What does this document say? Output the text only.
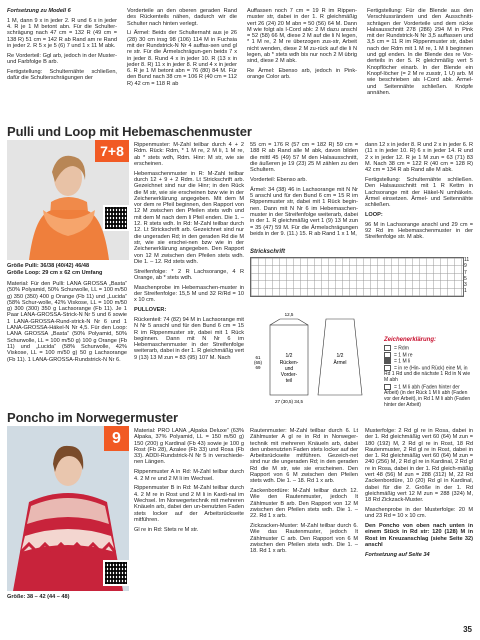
Fortsetzung zu Modell 6

1 M, dann 9 x in jeder 2. R und 6 x in jeder 4. R je 1 M betont abn. Für die Schulter-schrägung nach 47 cm = 132 R (49 cm = 138 R) 51 cm = 142 R ab Rand am re Rand in jeder 2. R 5 x je 5 (6) 7 und 1 x 11 M abk.

Re Vorderteil: Ggl arb, jedoch in der Muster- und Farbfolge B arb.

Fertigstellung: Schulternähte schließen, dafür die Schulterschrägungen der

Vorderteile an den oberen geraden Rand des Rückenteils nähen, dadurch wir die Schulter nach hinten verlegt.

Li Ärmel: Beids der Schulternaht aus je 26 (28) 30 cm insg 98 (106) 114 M in Fuchsia mit der Rundstrick-N Nr 4 auffas-sen und gl re str. Für die Ärmelschrägun-gen beids 7 x in jeder 8. Rund 4 x in jeder 10. R (13 x in jeder 8. R) 11 x in jeder 8. R und 4 x in jeder 6. R je 1 M betont abn = 76 (80) 84 M. Für den Bund nach 38 cm = 106 R (40 cm = 112 R) 42 cm = 118 R ab

Auffassen noch 7 cm = 19 R im Rippen-muster str, dabei in der 1. R gleichmäßig vert 26 (24) 20 M abn = 50 (56) 64 M. Dann M wie folgt als I-Cord abk: 2 M dazu anschl = 52 (58) 66 M, diese 2 M auf die li N legen, * 1 M re, 2 M re überzogen zus-str, Arbeit nicht wenden, diese 2 M zu-rück auf die li N legen, ab * stets wdh bis nur noch 2 M übrig sind, diese 2 M abk.

Re Ärmel: Ebenso arb, jedoch in Pink-orange Color arb.

Fertigstellung: Für die Blende aus den Verschlussrändern und den Ausschnitt-schrägen der Vorderteile und dem rücke Halsausschnitt 278 (286) 294 M in Pink mit der Rundstrick-N Nr 3,5 auffassen und 3,5 cm = 11 R im Rippenmuster str, dabei nach der Rdm mit 1 M re, 1 M li beginnen und ggl enden. In die Blende des re Vor-derteils in der 5. R gleichmäßig vert 5 Knopflöcher einarb. In der Blende ein Knopf-löcher (= 2 M re zusstr, 1 U) arb. M wie beschrieben als I-Cord abk. Ärmel- und Seitennähte schließen. Knöpfe annähen.

Pulli und Loop mit Hebemaschenmuster
7+8
Größe Pulli: 36/38 (40/42) 46/48
Größe Loop: 29 cm x 62 cm Umfang

Material: Für den Pulli: LANA GROSSA „Basta“ (50% Polyamid, 50% Schurwolle, LL = 100 m/50 g) 350 (350) 400 g Orange (Fb 11) und „Lucida“ (58% Schur-wolle, 42% Viskose, LL = 100 m/50 g) 300 (300) 350 g Lachsorange (Fb 11). Je 1 Paar LANA-GROSSA-Strick-N Nr 5 und 6 sowie 1 LANA-GROSSA-Rund-strick-N Nr 6 und 1 LANA-GROSSA-Häkel-N Nr 4,5. Für den Loop: LANA GROSSA „Basta“ (50% Polyamid, 50% Schurwolle, LL = 100 m/50 g) 100 g Orange (Fb 11) und „Lucida“ (58% Schurwolle, 42% Viskose, LL = 100 m/50 g) 50 g Lachsorange (Fb 11). 1 LANA-GROSSA-Rundstrick-N Nr 6.

Rippenmuster: M-Zahl teilbar durch 4 + 2 Rdm. Rück: Rdm, * 1 M re, 2 M li, 1 M re, ab * stets wdh, Rdm. Hinr: M str, wie sie erscheinen.

Hebemaschenmuster in R: M-Zahl teilbar durch 12 + 9 + 2 Rdm. Lt Strickschrift arb. Gezeichnet sind nur die Hinr; in den Rück die M str, wie sie erscheinen bzw wie in der Zeichenerklärung angegeben. Mit dem M vor dem re Pfeil beginnen, den Rapport von 12 M zwischen den Pfeilen stets wdh und mit dem M nach dem li Pfeil enden. Die 1. – 12. R stets wdh. In Rd: M-Zahl teilbar durch 12. Lt Strickschrift arb. Gezeichnet sind nur die ungeraden Rd; in den geraden Rd die M str, wie sie erschei-nen bzw wie in der Zeichenerklärung angegeben. Den Rapport von 12 M zwischen den Pfeilen stets wdh. Die 1. – 12. Rd stets wdh.

Streifenfolge: * 2 R Lachsorange, 4 R Orange, ab * stets wdh.

Maschenprobe im Hebemaschen-muster in der Streifenfolge: 15,5 M und 32 R/Rd = 10 x 10 cm.

PULLOVER:

Rückenteil: 74 (82) 94 M in Lachsorange mit N Nr 5 anschl und für den Bund 6 cm = 15 R im Rippenmuster str, dabei mit 1 Rück beginnen. Dann mit N Nr 6 im Hebemaschenmuster in der Streifenfolge weiterarb, dabei in der 1. R gleichmäßig vert 9 (13) 13 M zun = 83 (95) 107 M. Nach

55 cm = 176 R (57 cm = 182 R) 59 cm = 188 R ab Rand alle M abk, davon bilden die mittl 45 (49) 57 M den Halsausschnitt, die äußeren je 19 (23) 25 M zählen zu den Schultern.

Vorderteil: Ebenso arb.

Ärmel: 34 (38) 46 in Lachsorange mit N Nr 5 anschl und für den Bund 6 cm = 15 R im Rippenmuster str, dabei mit 1 Rück begin-nen. Dann mit N Nr 6 im Hebemaschen-muster in der Streifenfolge weiterarb, dabei in der 1. R gleichmäßig vert 1 (9) 13 M zun = 35 (47) 59 M. Für die Ärmelschrägungen beids in der 9. (11.) 15. R ab Rand 1 x 1 M,

dann 12 x in jeder 8. R und 2 x in jeder 6. R (11 x in jeder 10. R) 6 x in jeder 14. R und 2 x in jeder 12. R je 1 M zun = 63 (71) 83 M. Nach 38 cm = 122 R (40 cm = 128 R) 42 cm = 134 R ab Rand alle M abk.

Fertigstellung: Schulternähte schließen. Den Halsausschnitt mit 1 R Kettm in Lachsorange mit der Häkel-N umhäkeln. Ärmel einsetzen. Ärmel- und Seitennähte schließen.

LOOP:

96 M in Lachsorange anschl und 29 cm = 92 Rd im Hebemaschenmuster in der Streifenfolge str. M abk.

Strickschrift
11
9
7
5
3
1
1/2
Rücken-
und
Vorder-
teil
1/2
Ärmel
27 (30,5) 34,5
61
(65)
69
12,5
Zeichenerklärung:
= Rdm
= 1 M re
= 1 M li
= in re (Hin- und Rück) eine M, in Rd 1 Rd und die nächste 1 Rd in N wie M abh
= 1 M li abh (Faden hinter der Arbeit) (in der Rück 1 M li abh (Faden vor der Arbeit), in Rd 1 M li abh (Faden hinter der Arbeit)
Poncho im Norwegermuster
9
Größe: 38 – 42 (44 – 48)

Material: PRO LANA „Alpaka Deluxe“ (63% Alpaka, 37% Polyamid, LL = 150 m/50 g) 150 (200) g Kardinal (Fb 43) sowie je 100 g Rost (Fb 28), Azaleе (Fb 33) und Rosa (Fb 33). ADDI-Rundstrick-N Nr 5 in verschiede-nen Längen.

Rippenmuster A in Rd: M-Zahl teilbar durch 4. 2 M re und 2 M li im Wechsel.

Rippenmuster B in Rd: M-Zahl teilbar durch 4. 2 M re in Rost und 2 M li in Kardi-nal im Wechsel. Im Norwegertechnik mit mehreren Knäueln arb, dabei den un-benutzten Faden stets locker auf der Arbeitsrückseite mitführen.

Gl re in Rd: Stets re M str.

Rautenmuster: M-Zahl teilbar durch 6. Lt Zählmuster A gl re in Rd in Norweger-technik mit mehreren Knäueln arb, dabei den unbenutzten Faden stets locker auf der Arbeitsrückseite mitführen. Gezeich-net sind nur die ungeraden Rd; in den geraden Rd die M str, wie sie erscheinen. Den Rapport von 6 M zwischen den Pfeilen stets wdh. Die 1. – 18. Rd 1 x arb.

Zackenbordüre: M-Zahl teilbar durch 12. Wie den Rautenmuster, jedoch lt Zählmuster B arb. Den Rapport von 12 M zwischen den Pfeilen stets wdh. Die 1. – 22. Rd 1 x arb.

Zickzacken-Muster: M-Zahl teilbar durch 6. Wie das Rautenmuster, jedoch lt Zählmuster C arb. Den Rapport von 6 M zwischen den Pfeilen stets wdh. Die 1. – 18. Rd 1 x arb.

Musterfolge: 2 Rd gl re in Rosa, dabei in der 1. Rd gleichmäßig vert 60 (64) M zun = 180 (192) M, 2 Rd gl re in Rost, 18 Rd Rautenmuster, 2 Rd gl re in Rost, dabei in der 1. Rd gleichmäßig vert 60 (64) M zun = 240 (256) M, 2 Rd gl re in Kardinal, 2 Rd gl re in Rosa, dabei in der 1. Rd gleich-mäßig vert 48 (56) M zun = 288 (312) M, 22 Rd Zackenbordüre, 10 (20) Rd gl in Kardinal, dabei für die 2. Größe in der 1. Rd gleichmäßig vert 12 M zun = 288 (324) M, 18 Rd Zickzack-Muster.

Maschenprobe in der Musterfolge: 20 M und 23 Rd = 10 x 10 cm.

Den Poncho von oben nach unten in einem Stück in Rd str: 120 (128) M in Rost im Kreuzanschlag (siehe Seite 32) anschl

Fortsetzung auf Seite 34

35
